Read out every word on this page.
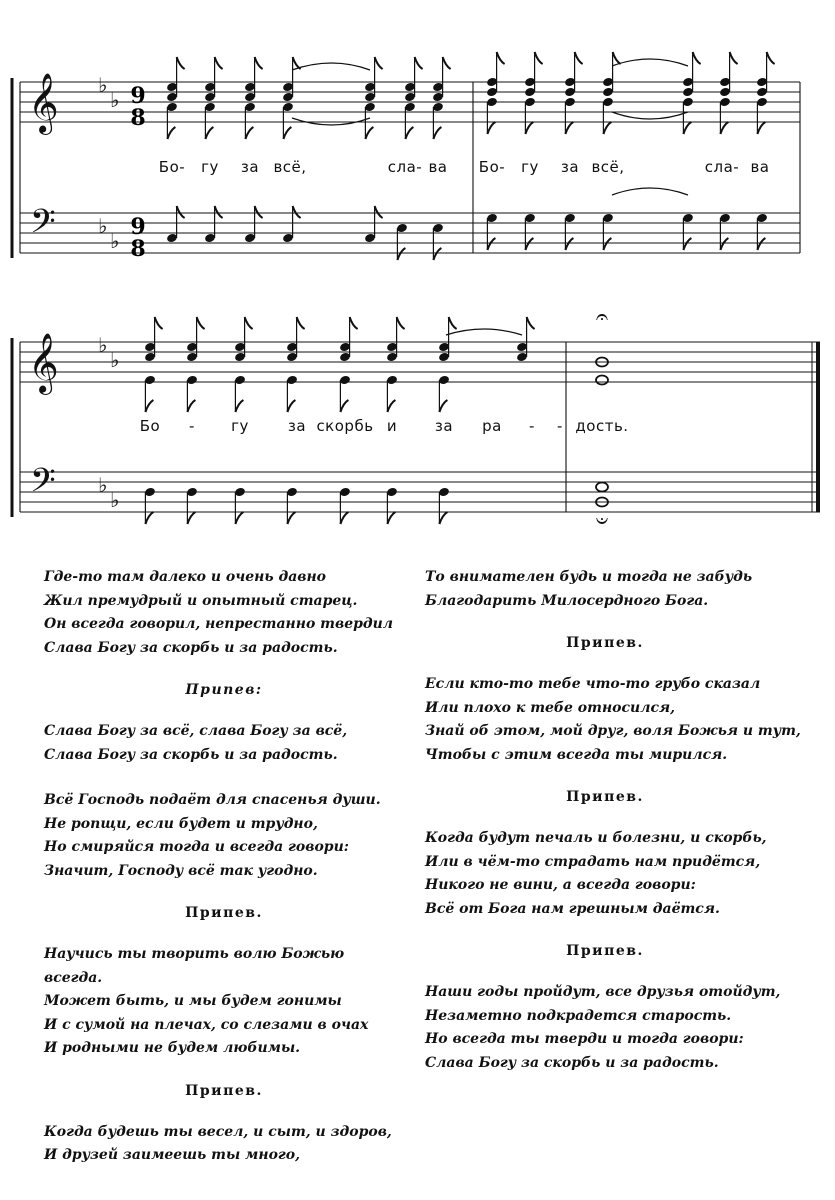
𝄞
𝄢
♭
♭
♭
♭
𝄞
𝄢
♭
♭
♭
♭
𝄐
𝄐
9
8
9
8
Бо- гу за всё,	сла- ва Бо- гу за всё,	сла- ва
Бо - гу	за скорбь и	за ра - - дость.
Где-то там далеко и очень давно
Жил премудрый и опытный старец.
Он всегда говорил, непрестанно твердил
Слава Богу за скорбь и за радость.
Припев:
Слава Богу за всё, слава Богу за всё,
Слава Богу за скорбь и за радость.
Всё Господь подаёт для спасенья души.
Не ропщи, если будет и трудно,
Но смиряйся тогда и всегда говори:
Значит, Господу всё так угодно.
Припев.
Научись ты творить волю Божью
всегда.
Может быть, и мы будем гонимы
И с сумой на плечах, со слезами в очах
И родными не будем любимы.
Припев.
Когда будешь ты весел, и сыт, и здоров,
И друзей заимеешь ты много,
То внимателен будь и тогда не забудь
Благодарить Милосердного Бога.
Припев.
Если кто-то тебе что-то грубо сказал
Или плохо к тебе относился,
Знай об этом, мой друг, воля Божья и тут,
Чтобы с этим всегда ты мирился.
Припев.
Когда будут печаль и болезни, и скорбь,
Или в чём-то страдать нам придётся,
Никого не вини, а всегда говори:
Всё от Бога нам грешным даётся.
Припев.
Наши годы пройдут, все друзья отойдут,
Незаметно подкрадется старость.
Но всегда ты тверди и тогда говори:
Слава Богу за скорбь и за радость.
